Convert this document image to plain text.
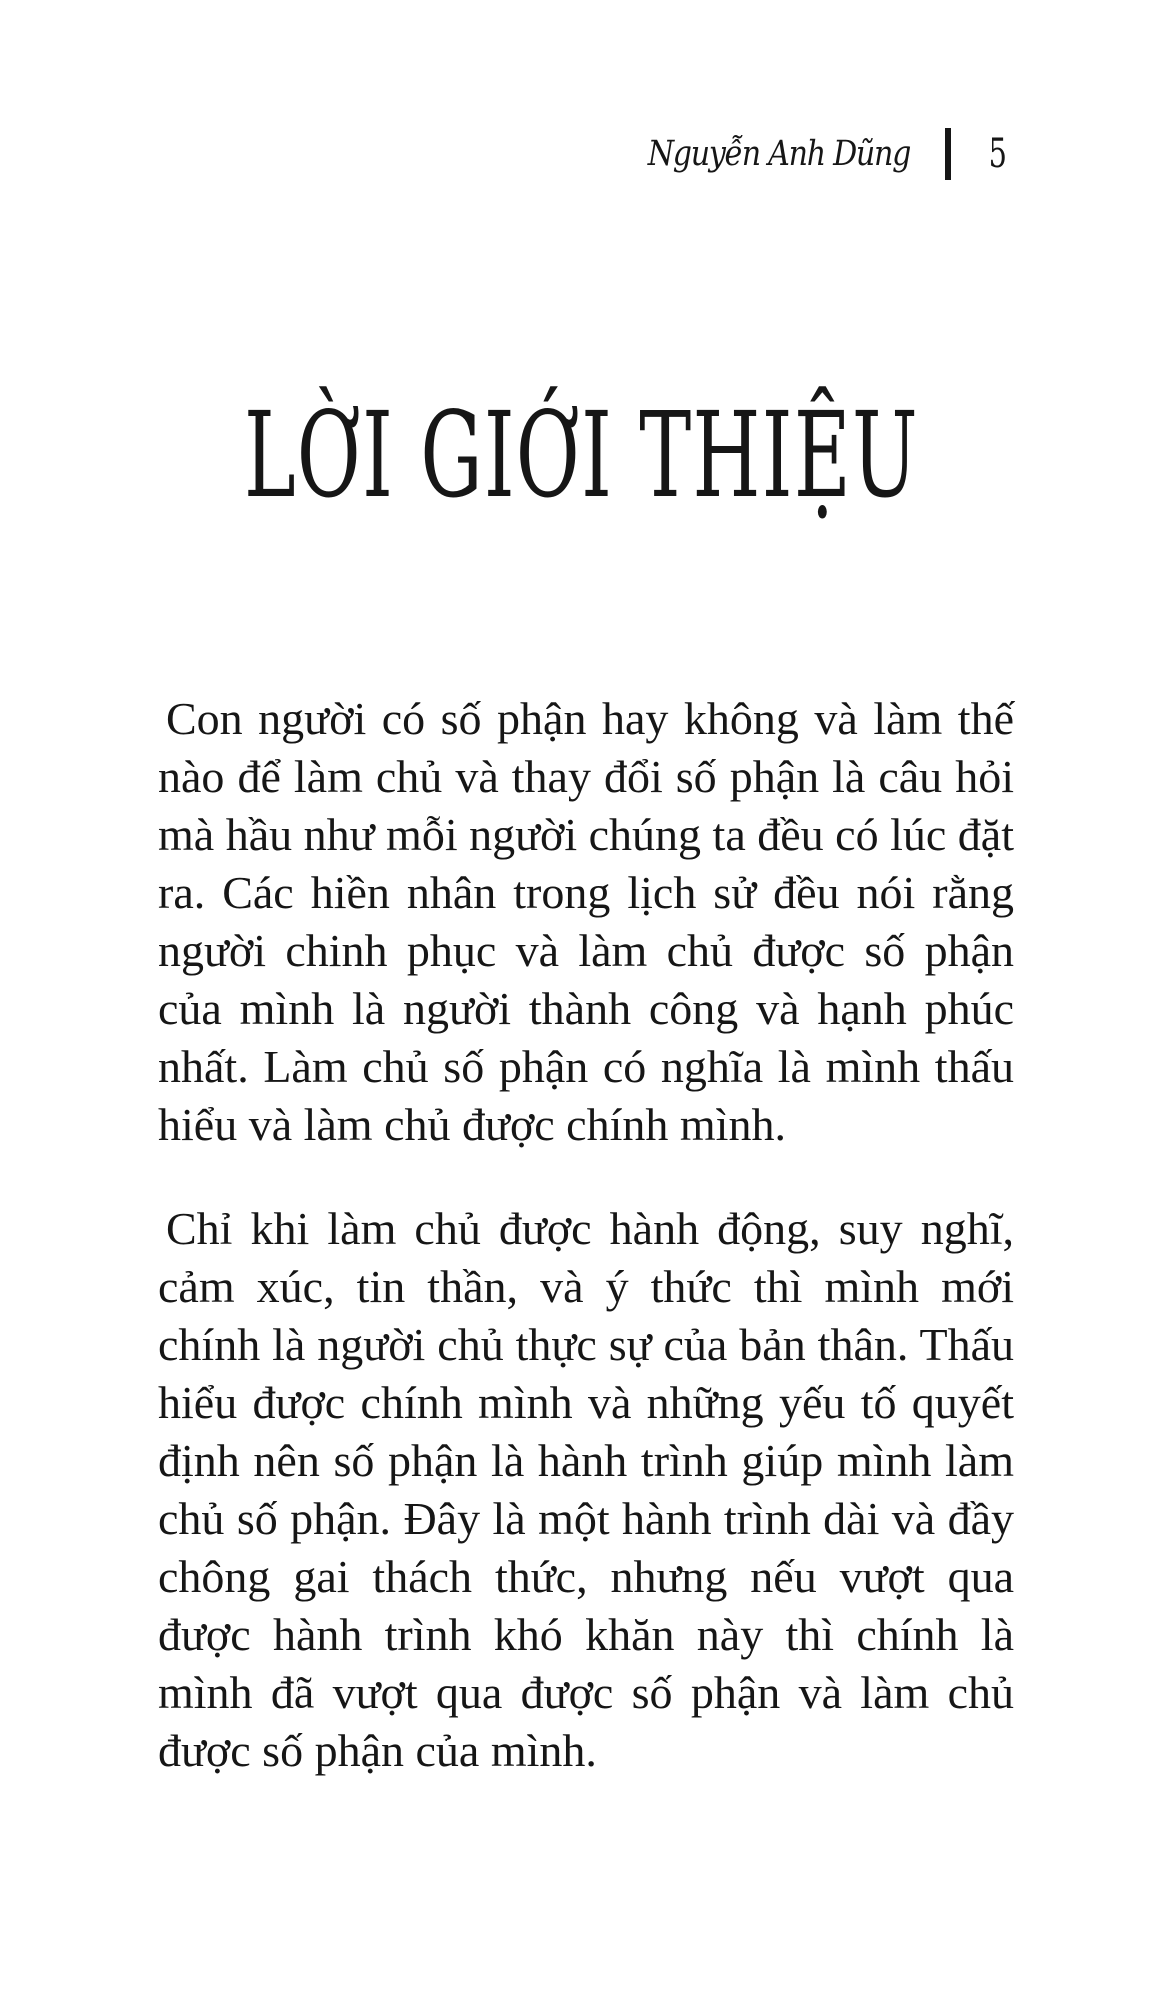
Nguyễn Anh Dũng 5
LỜI GIỚI THIỆU

Con người có số phận hay không và làm thế nào để làm chủ và thay đổi số phận là câu hỏi mà hầu như mỗi người chúng ta đều có lúc đặt ra. Các hiền nhân trong lịch sử đều nói rằng người chinh phục và làm chủ được số phận của mình là người thành công và hạnh phúc nhất. Làm chủ số phận có nghĩa là mình thấu hiểu và làm chủ được chính mình.

Chỉ khi làm chủ được hành động, suy nghĩ, cảm xúc, tin thần, và ý thức thì mình mới chính là người chủ thực sự của bản thân. Thấu hiểu được chính mình và những yếu tố quyết định nên số phận là hành trình giúp mình làm chủ số phận. Đây là một hành trình dài và đầy chông gai thách thức, nhưng nếu vượt qua được hành trình khó khăn này thì chính là mình đã vượt qua được số phận và làm chủ được số phận của mình.
